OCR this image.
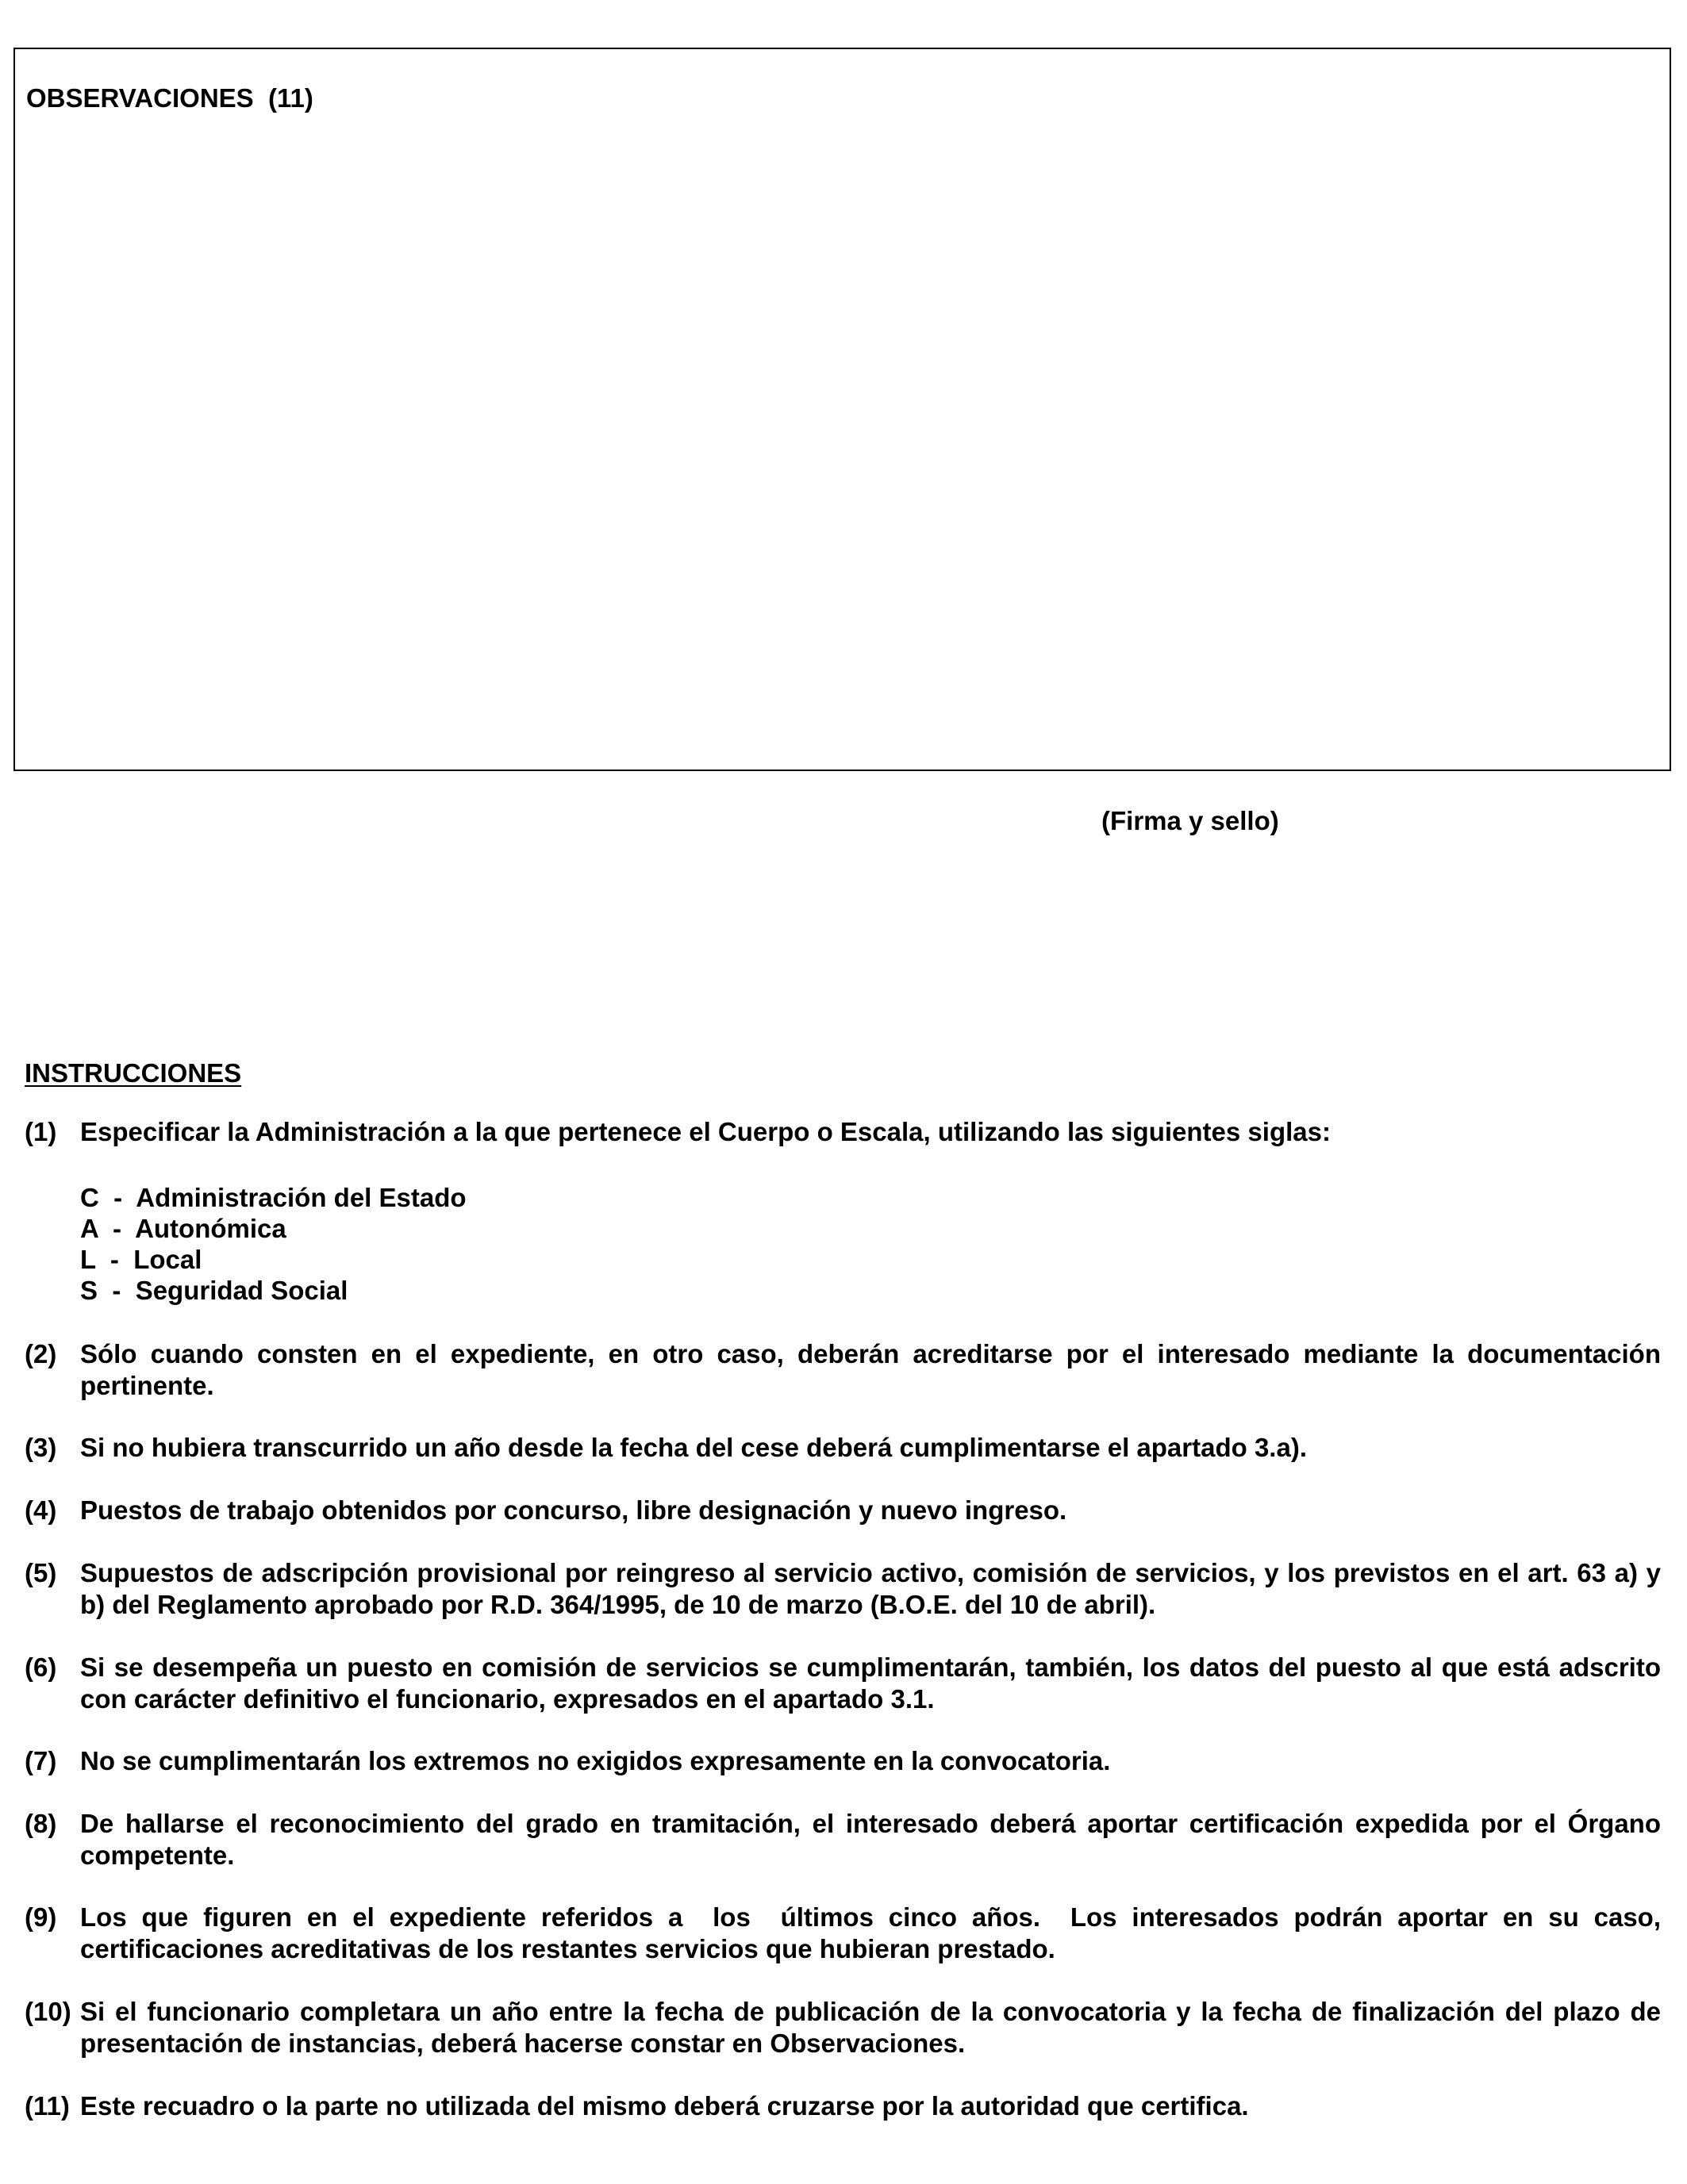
OBSERVACIONES  (11)
(Firma y sello)
INSTRUCCIONES
(1) Especificar la Administración a la que pertenece el Cuerpo o Escala, utilizando las siguientes siglas:
C  -  Administración del Estado
A  -  Autonómica
L  -  Local
S  -  Seguridad Social
(2) Sólo cuando consten en el expediente, en otro caso, deberán acreditarse por el interesado mediante la documentación pertinente.
(3) Si no hubiera transcurrido un año desde la fecha del cese deberá cumplimentarse el apartado 3.a).
(4) Puestos de trabajo obtenidos por concurso, libre designación y nuevo ingreso.
(5) Supuestos de adscripción provisional por reingreso al servicio activo, comisión de servicios, y los previstos en el art. 63 a) y b) del Reglamento aprobado por R.D. 364/1995, de 10 de marzo (B.O.E. del 10 de abril).
(6) Si se desempeña un puesto en comisión de servicios se cumplimentarán, también, los datos del puesto al que está adscrito con carácter definitivo el funcionario, expresados en el apartado 3.1.
(7) No se cumplimentarán los extremos no exigidos expresamente en la convocatoria.
(8) De hallarse el reconocimiento del grado en tramitación, el interesado deberá aportar certificación expedida por el Órgano competente.
(9) Los que figuren en el expediente referidos a  los  últimos cinco años.  Los interesados podrán aportar en su caso, certificaciones acreditativas de los restantes servicios que hubieran prestado.
(10) Si el funcionario completara un año entre la fecha de publicación de la convocatoria y la fecha de finalización del plazo de presentación de instancias, deberá hacerse constar en Observaciones.
(11) Este recuadro o la parte no utilizada del mismo deberá cruzarse por la autoridad que certifica.
